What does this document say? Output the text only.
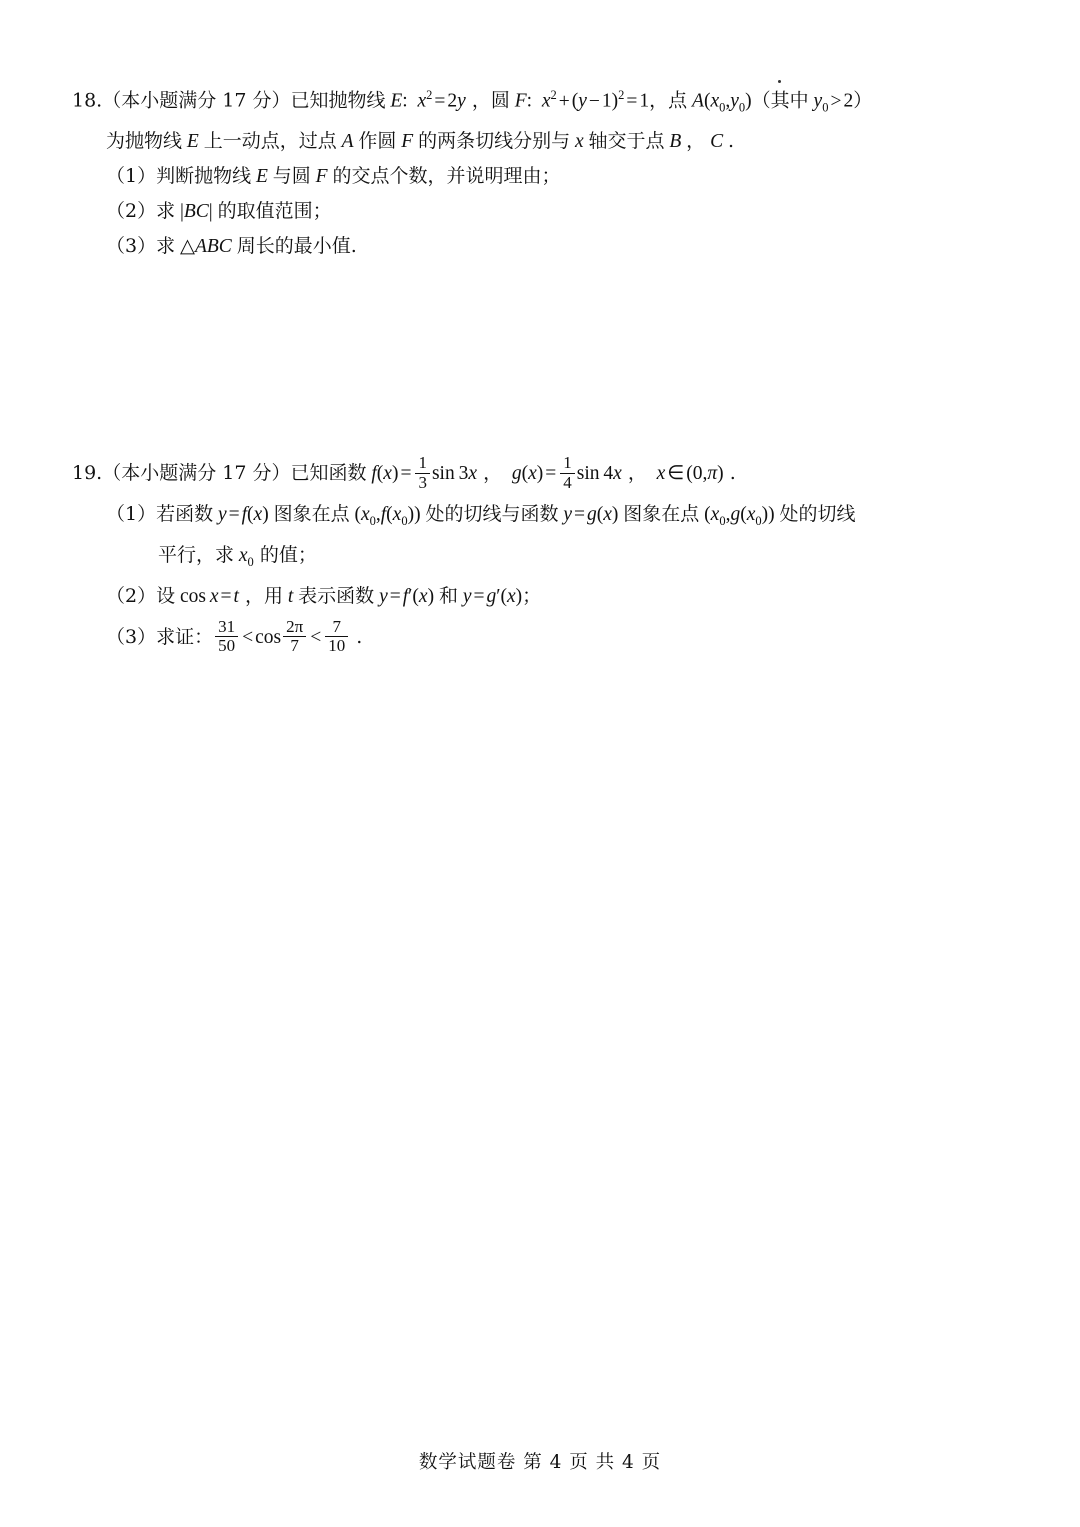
18.（本小题满分 17 分）已知抛物线 E:  $x^2 = 2y$ ，圆 F:  $x^2 + (y - 1)^2 = 1$，点 $A(x_0,y_0)$（其中 $y_0 > 2$）
为抛物线 E 上一动点，过点 A 作圆 F 的两条切线分别与 x 轴交于点 B ， C .
（1）判断抛物线 E 与圆 F 的交点个数，并说明理由；
（2）求 |BC| 的取值范围；
（3）求 △ABC 周长的最小值.
19.（本小题满分 17 分）已知函数 $f(x) = \frac{1}{3}$ sin 3x ，  $g(x) = \frac{1}{4}$ sin 4x ，  x ∈ (0,π) .
（1）若函数 y = f(x) 图象在点 $(x_0,f(x_0))$ 处的切线与函数 y = g(x) 图象在点 $(x_0,g(x_0))$ 处的切线
平行，求 $x_0$ 的值；
（2）设 cos x = t ，用 t 表示函数 y = f′(x) 和 y = g′(x)；
（3）求证： $\frac{31}{50} < \cos \frac{2\pi}{7} < \frac{7}{10}$ .
数学试题卷 第 4 页 共 4 页
